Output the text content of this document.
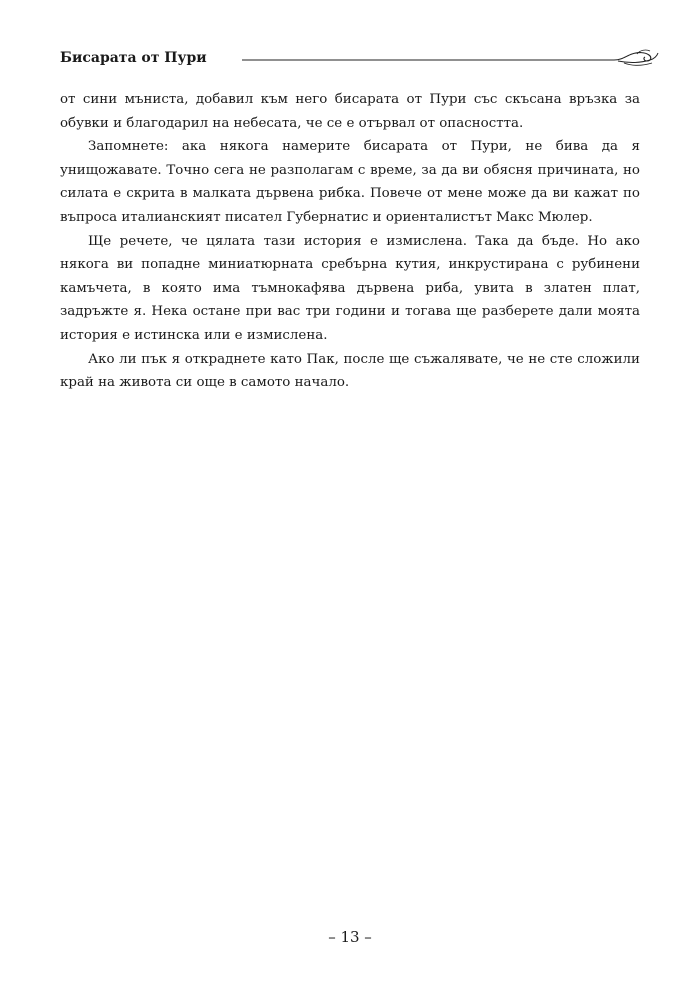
Бисарата от Пури

от сини мъниста, добавил към него бисарата от Пури със скъсана връзка за обувки и благодарил на небесата, че се е отървал от опасността.

Запомнете: ака някога намерите бисарата от Пури, не бива да я унищожавате. Точно сега не разполагам с време, за да ви обясня причината, но силата е скрита в малката дървена рибка. Повече от мене може да ви кажат по въпроса италианският писател Губернатис и ориенталистът Макс Мюлер.

Ще речете, че цялата тази история е измислена. Така да бъде. Но ако някога ви попадне миниатюрната сребърна кутия, инкрустирана с рубинени камъчета, в която има тъмнокафява дървена риба, увита в златен плат, задръжте я. Нека остане при вас три години и тогава ще разберете дали моята история е истинска или е измислена.

Ако ли пък я откраднете като Пак, после ще съжалявате, че не сте сложили край на живота си още в самото начало.

– 13 –
